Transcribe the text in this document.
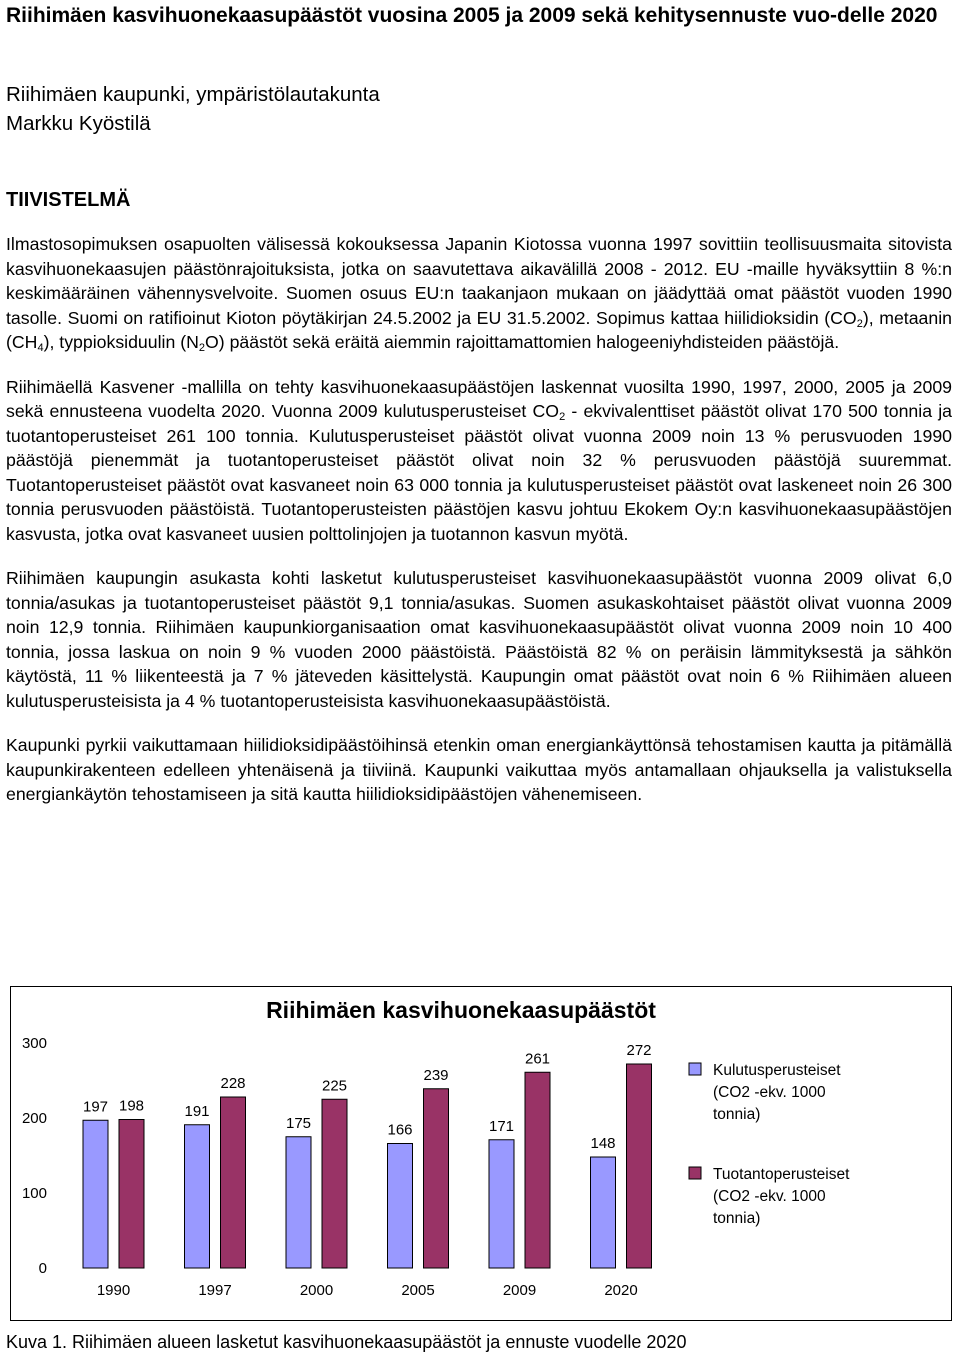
Riihimäen kasvihuonekaasupäästöt vuosina 2005 ja 2009 sekä kehitysennuste vuo-delle 2020
Riihimäen kaupunki, ympäristölautakunta
Markku Kyöstilä
TIIVISTELMÄ

Ilmastosopimuksen osapuolten välisessä kokouksessa Japanin Kiotossa vuonna 1997 sovittiin teollisuusmaita sitovista kasvihuonekaasujen päästönrajoituksista, jotka on saavutettava aikavälillä 2008 - 2012. EU -maille hyväksyttiin 8 %:n keskimääräinen vähennysvelvoite. Suomen osuus EU:n taakanjaon mukaan on jäädyttää omat päästöt vuoden 1990 tasolle. Suomi on ratifioinut Kioton pöytäkirjan 24.5.2002 ja EU 31.5.2002. Sopimus kattaa hiilidioksidin $(CO_2)$, metaanin $(CH_4)$, typpioksiduulin $(N_2O)$ päästöt sekä eräitä aiemmin rajoittamattomien halogeeniyhdisteiden päästöjä.

Riihimäellä Kasvener -mallilla on tehty kasvihuonekaasupäästöjen laskennat vuosilta 1990, 1997, 2000, 2005 ja 2009 sekä ennusteena vuodelta 2020. Vuonna 2009 kulutusperusteiset $CO_2$ - ekvivalenttiset päästöt olivat 170 500 tonnia ja tuotantoperusteiset 261 100 tonnia. Kulutusperusteiset päästöt olivat vuonna 2009 noin 13 % perusvuoden 1990 päästöjä pienemmät ja tuotantoperusteiset päästöt olivat noin 32 % perusvuoden päästöjä suuremmat. Tuotantoperusteiset päästöt ovat kasvaneet noin 63 000 tonnia ja kulutusperusteiset päästöt ovat laskeneet noin 26 300 tonnia perusvuoden päästöistä. Tuotantoperusteisten päästöjen kasvu johtuu Ekokem Oy:n kasvihuonekaasupäästöjen kasvusta, jotka ovat kasvaneet uusien polttolinjojen ja tuotannon kasvun myötä.

Riihimäen kaupungin asukasta kohti lasketut kulutusperusteiset kasvihuonekaasupäästöt vuonna 2009 olivat 6,0 tonnia/asukas ja tuotantoperusteiset päästöt 9,1 tonnia/asukas. Suomen asukaskohtaiset päästöt olivat vuonna 2009 noin 12,9 tonnia. Riihimäen kaupunkiorganisaation omat kasvihuonekaasupäästöt olivat vuonna 2009 noin 10 400 tonnia, jossa laskua on noin 9 % vuoden 2000 päästöistä. Päästöistä 82 % on peräisin lämmityksestä ja sähkön käytöstä, 11 % liikenteestä ja 7 % jäteveden käsittelystä. Kaupungin omat päästöt ovat noin 6 % Riihimäen alueen kulutusperusteisista ja 4 % tuotantoperusteisista kasvihuonekaasupäästöistä.

Kaupunki pyrkii vaikuttamaan hiilidioksidipäästöihinsä etenkin oman energiankäyttönsä tehostamisen kautta ja pitämällä kaupunkirakenteen edelleen yhtenäisenä ja tiiviinä. Kaupunki vaikuttaa myös antamallaan ohjauksella ja valistuksella energiankäytön tehostamiseen ja sitä kautta hiilidioksidipäästöjen vähenemiseen.

Riihimäen kasvihuonekaasupäästöt
300
200
100
0
197 198
1990
191
228
1997
175
225
2000
166
239
2005
171
261
2009
148
272
2020
Kulutusperusteiset
(CO2 -ekv. 1000
tonnia)
Tuotantoperusteiset
(CO2 -ekv. 1000
tonnia)
Kuva 1. Riihimäen alueen lasketut kasvihuonekaasupäästöt ja ennuste vuodelle 2020
